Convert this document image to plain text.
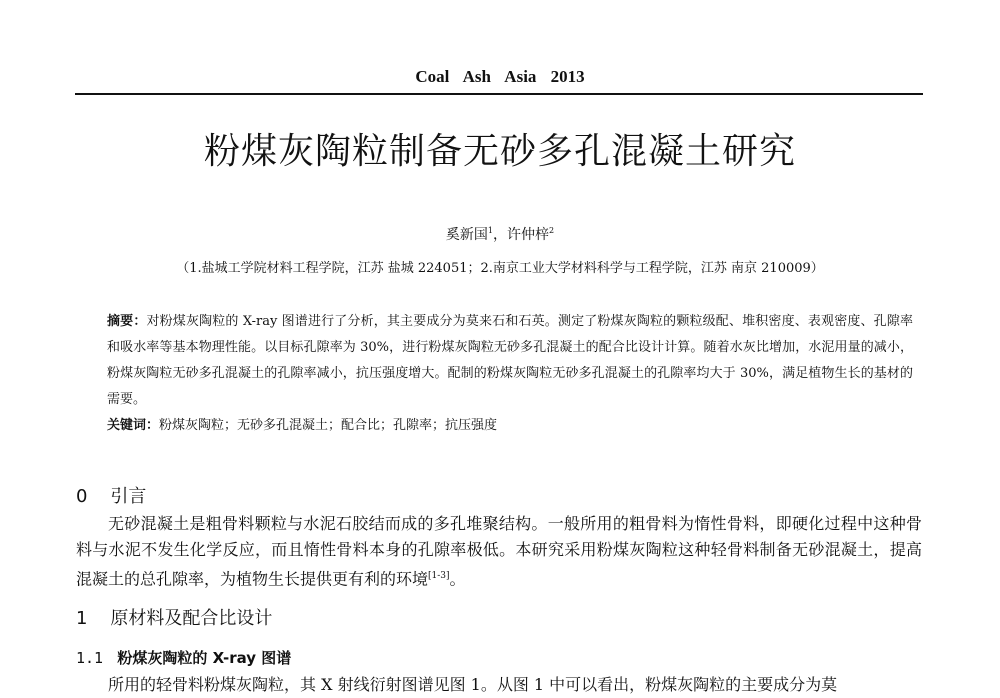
Coal Ash Asia 2013
粉煤灰陶粒制备无砂多孔混凝土研究
奚新国$^1$，许仲梓$^2$
（1.盐城工学院材料工程学院，江苏 盐城 224051；2.南京工业大学材料科学与工程学院，江苏 南京 210009）
摘要：对粉煤灰陶粒的 X-ray 图谱进行了分析，其主要成分为莫来石和石英。测定了粉煤灰陶粒的颗粒级配、堆积密度、表观密度、孔隙率和吸水率等基本物理性能。以目标孔隙率为 30%，进行粉煤灰陶粒无砂多孔混凝土的配合比设计计算。随着水灰比增加，水泥用量的减小，粉煤灰陶粒无砂多孔混凝土的孔隙率减小，抗压强度增大。配制的粉煤灰陶粒无砂多孔混凝土的孔隙率均大于 30%，满足植物生长的基材的需要。
关键词：粉煤灰陶粒；无砂多孔混凝土；配合比；孔隙率；抗压强度
0 引言
无砂混凝土是粗骨料颗粒与水泥石胶结而成的多孔堆聚结构。一般所用的粗骨料为惰性骨料，即硬化过程中这种骨料与水泥不发生化学反应，而且惰性骨料本身的孔隙率极低。本研究采用粉煤灰陶粒这种轻骨料制备无砂混凝土，提高混凝土的总孔隙率，为植物生长提供更有利的环境[1-3]。
1 原材料及配合比设计
1.1 粉煤灰陶粒的 X-ray 图谱
所用的轻骨料粉煤灰陶粒，其 X 射线衍射图谱见图 1。从图 1 中可以看出，粉煤灰陶粒的主要成分为莫
